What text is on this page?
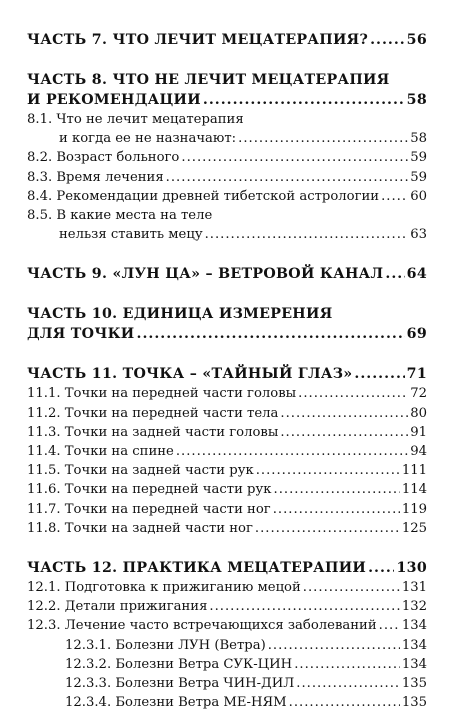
ЧАСТЬ 7. ЧТО ЛЕЧИТ МЕЦАТЕРАПИЯ? .....	56
ЧАСТЬ 8. ЧТО НЕ ЛЕЧИТ МЕЦАТЕРАПИЯ
И РЕКОМЕНДАЦИИ .....	58
8.1. Что не лечит мецатерапия
и когда ее не назначают: .....	58
8.2. Возраст больного .....	59
8.3. Время лечения .....	59
8.4. Рекомендации древней тибетской астрологии ..... 60
8.5. В какие места на теле
нельзя ставить мецу .....	63
ЧАСТЬ 9. «ЛУН ЦА» – ВЕТРОВОЙ КАНАЛ ..... 64
ЧАСТЬ 10. ЕДИНИЦА ИЗМЕРЕНИЯ
ДЛЯ ТОЧКИ .....	69
ЧАСТЬ 11. ТОЧКА – «ТАЙНЫЙ ГЛАЗ» .....	71
11.1. Точки на передней части головы .....	72
11.2. Точки на передней части тела .....	80
11.3. Точки на задней части головы .....	91
11.4. Точки на спине .....	94
11.5. Точки на задней части рук .....	111
11.6. Точки на передней части рук .....	114
11.7. Точки на передней части ног .....	119
11.8. Точки на задней части ног .....	125
ЧАСТЬ 12. ПРАКТИКА МЕЦАТЕРАПИИ ..... 130
12.1. Подготовка к прижиганию мецой .....	131
12.2. Детали прижигания .....	132
12.3. Лечение часто встречающихся заболеваний ..... 134
12.3.1. Болезни ЛУН (Ветра) .....	134
12.3.2. Болезни Ветра СУК-ЦИН .....	134
12.3.3. Болезни Ветра ЧИН-ДИЛ .....	135
12.3.4. Болезни Ветра МЕ-НЯМ .....	135
